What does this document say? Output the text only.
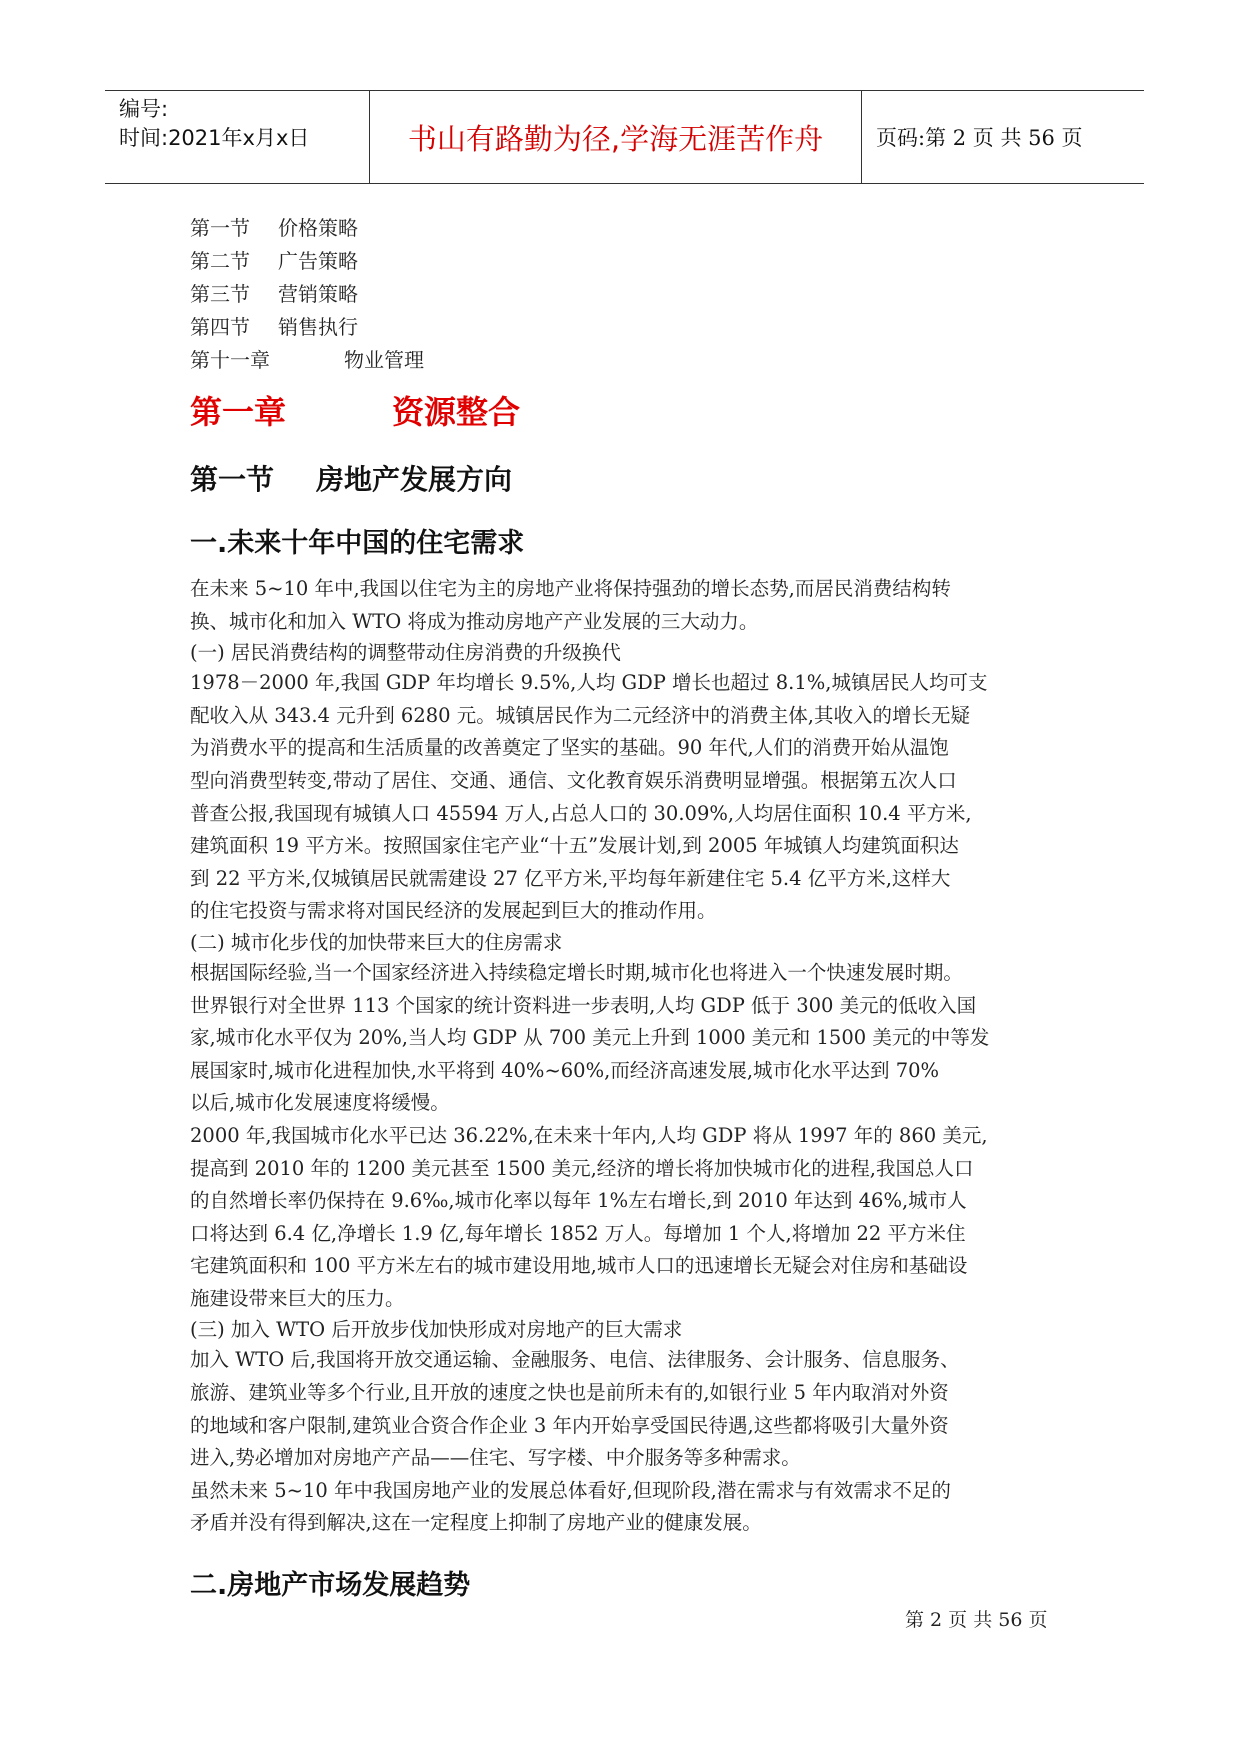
编号:
时间:2021年x月x日	书山有路勤为径,学海无涯苦作舟	页码:第 2 页 共 56 页
第一节	价格策略
第二节	广告策略
第三节	营销策略
第四节	销售执行
第十一章	物业管理
第一章	资源整合
第一节	房地产发展方向
一.未来十年中国的住宅需求
在未来 5~10 年中,我国以住宅为主的房地产业将保持强劲的增长态势,而居民消费结构转
换、城市化和加入 WTO 将成为推动房地产产业发展的三大动力。
(一) 居民消费结构的调整带动住房消费的升级换代
1978－2000 年,我国 GDP 年均增长 9.5%,人均 GDP 增长也超过 8.1%,城镇居民人均可支
配收入从 343.4 元升到 6280 元。城镇居民作为二元经济中的消费主体,其收入的增长无疑
为消费水平的提高和生活质量的改善奠定了坚实的基础。90 年代,人们的消费开始从温饱
型向消费型转变,带动了居住、交通、通信、文化教育娱乐消费明显增强。根据第五次人口
普查公报,我国现有城镇人口 45594 万人,占总人口的 30.09%,人均居住面积 10.4 平方米,
建筑面积 19 平方米。按照国家住宅产业“十五”发展计划,到 2005 年城镇人均建筑面积达
到 22 平方米,仅城镇居民就需建设 27 亿平方米,平均每年新建住宅 5.4 亿平方米,这样大
的住宅投资与需求将对国民经济的发展起到巨大的推动作用。
(二) 城市化步伐的加快带来巨大的住房需求
根据国际经验,当一个国家经济进入持续稳定增长时期,城市化也将进入一个快速发展时期。
世界银行对全世界 113 个国家的统计资料进一步表明,人均 GDP 低于 300 美元的低收入国
家,城市化水平仅为 20%,当人均 GDP 从 700 美元上升到 1000 美元和 1500 美元的中等发
展国家时,城市化进程加快,水平将到 40%~60%,而经济高速发展,城市化水平达到 70%
以后,城市化发展速度将缓慢。
2000 年,我国城市化水平已达 36.22%,在未来十年内,人均 GDP 将从 1997 年的 860 美元,
提高到 2010 年的 1200 美元甚至 1500 美元,经济的增长将加快城市化的进程,我国总人口
的自然增长率仍保持在 9.6‰,城市化率以每年 1%左右增长,到 2010 年达到 46%,城市人
口将达到 6.4 亿,净增长 1.9 亿,每年增长 1852 万人。每增加 1 个人,将增加 22 平方米住
宅建筑面积和 100 平方米左右的城市建设用地,城市人口的迅速增长无疑会对住房和基础设
施建设带来巨大的压力。
(三) 加入 WTO 后开放步伐加快形成对房地产的巨大需求
加入 WTO 后,我国将开放交通运输、金融服务、电信、法律服务、会计服务、信息服务、
旅游、建筑业等多个行业,且开放的速度之快也是前所未有的,如银行业 5 年内取消对外资
的地域和客户限制,建筑业合资合作企业 3 年内开始享受国民待遇,这些都将吸引大量外资
进入,势必增加对房地产产品——住宅、写字楼、中介服务等多种需求。
虽然未来 5~10 年中我国房地产业的发展总体看好,但现阶段,潜在需求与有效需求不足的
矛盾并没有得到解决,这在一定程度上抑制了房地产业的健康发展。
二.房地产市场发展趋势
第 2 页 共 56 页
